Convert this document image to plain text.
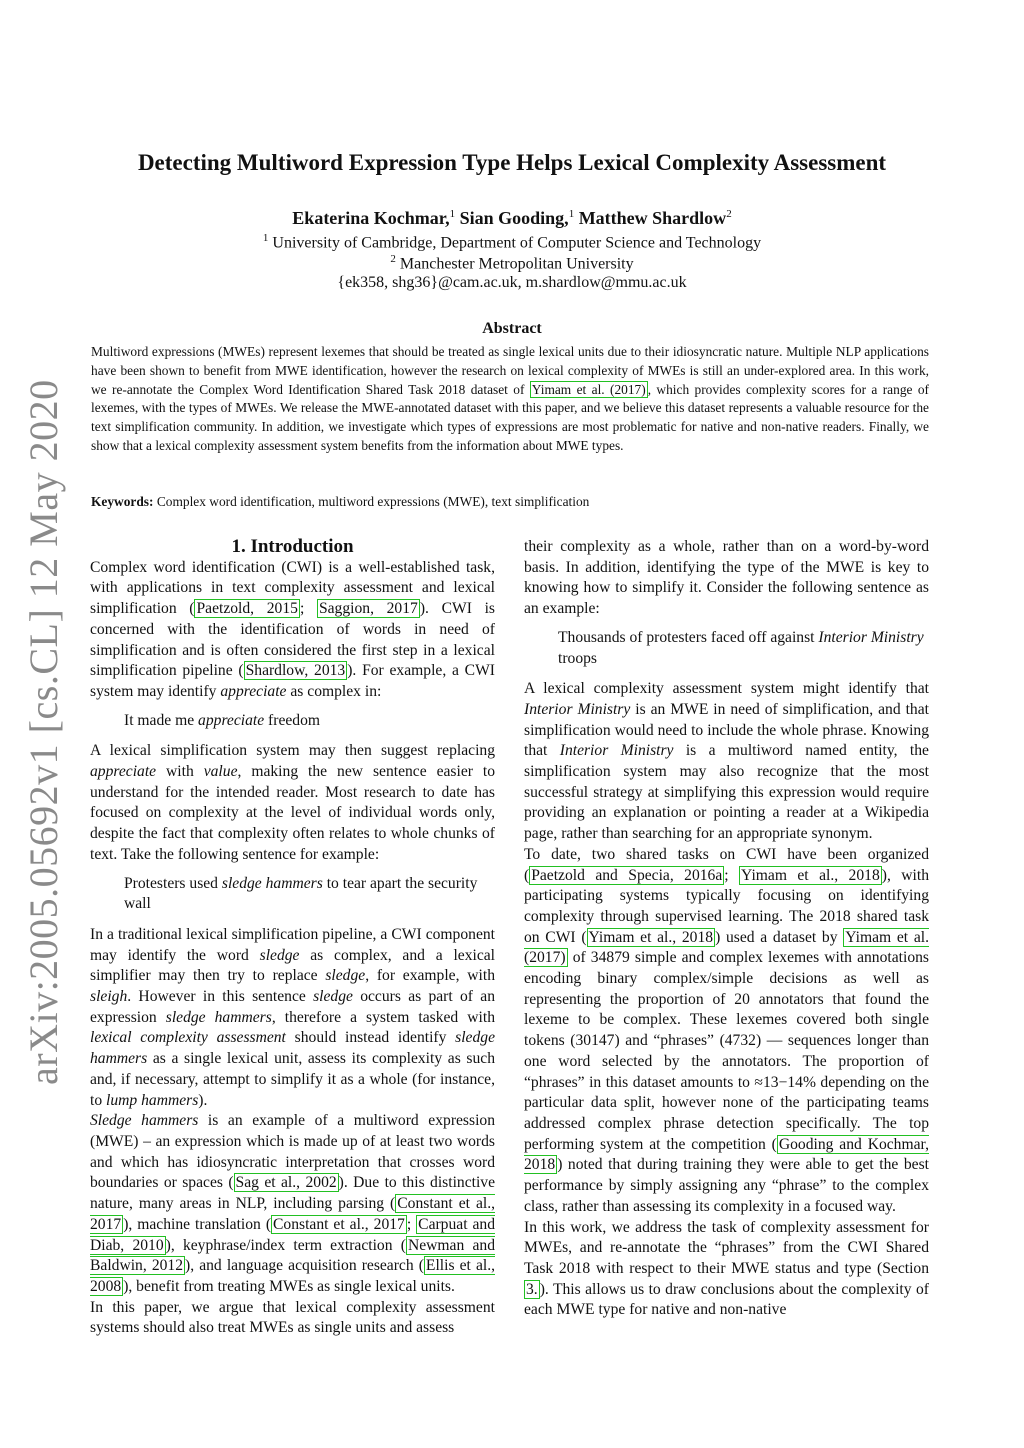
arXiv:2005.05692v1 [cs.CL] 12 May 2020
Detecting Multiword Expression Type Helps Lexical Complexity Assessment
Ekaterina Kochmar,$^1$ Sian Gooding,$^1$ Matthew Shardlow$^2$
$^1$ University of Cambridge, Department of Computer Science and Technology
$^2$ Manchester Metropolitan University
{ek358, shg36}@cam.ac.uk, m.shardlow@mmu.ac.uk
Abstract
Multiword expressions (MWEs) represent lexemes that should be treated as single lexical units due to their idiosyncratic nature. Multiple NLP applications have been shown to benefit from MWE identification, however the research on lexical complexity of MWEs is still an under-explored area. In this work, we re-annotate the Complex Word Identification Shared Task 2018 dataset of Yimam et al. (2017) , which provides complexity scores for a range of lexemes, with the types of MWEs. We release the MWE-annotated dataset with this paper, and we believe this dataset represents a valuable resource for the text simplification community. In addition, we investigate which types of expressions are most problematic for native and non-native readers. Finally, we show that a lexical complexity assessment system benefits from the information about MWE types.
Keywords: Complex word identification, multiword expressions (MWE), text simplification

1. Introduction

Complex word identification (CWI) is a well-established task, with applications in text complexity assessment and lexical simplification ( Paetzold, 2015 ; Saggion, 2017 ). CWI is concerned with the identification of words in need of simplification and is often considered the first step in a lexical simplification pipeline ( Shardlow, 2013 ). For example, a CWI system may identify appreciate as complex in:

It made me appreciate freedom

A lexical simplification system may then suggest replacing appreciate with value, making the new sentence easier to understand for the intended reader. Most research to date has focused on complexity at the level of individual words only, despite the fact that complexity often relates to whole chunks of text. Take the following sentence for example:

Protesters used sledge hammers to tear apart the security wall

In a traditional lexical simplification pipeline, a CWI component may identify the word sledge as complex, and a lexical simplifier may then try to replace sledge, for example, with sleigh. However in this sentence sledge occurs as part of an expression sledge hammers, therefore a system tasked with lexical complexity assessment should instead identify sledge hammers as a single lexical unit, assess its complexity as such and, if necessary, attempt to simplify it as a whole (for instance, to lump hammers).

Sledge hammers is an example of a multiword expression (MWE) – an expression which is made up of at least two words and which has idiosyncratic interpretation that crosses word boundaries or spaces ( Sag et al., 2002 ). Due to this distinctive nature, many areas in NLP, including parsing ( Constant et al., 2017 ), machine translation ( Constant et al., 2017 ; Carpuat and Diab, 2010 ), keyphrase/index term extraction ( Newman and Baldwin, 2012 ), and language acquisition research ( Ellis et al., 2008 ), benefit from treating MWEs as single lexical units.

In this paper, we argue that lexical complexity assessment systems should also treat MWEs as single units and assess

their complexity as a whole, rather than on a word-by-word basis. In addition, identifying the type of the MWE is key to knowing how to simplify it. Consider the following sentence as an example:

Thousands of protesters faced off against Interior Ministry troops

A lexical complexity assessment system might identify that Interior Ministry is an MWE in need of simplification, and that simplification would need to include the whole phrase. Knowing that Interior Ministry is a multiword named entity, the simplification system may also recognize that the most successful strategy at simplifying this expression would require providing an explanation or pointing a reader at a Wikipedia page, rather than searching for an appropriate synonym.

To date, two shared tasks on CWI have been organized ( Paetzold and Specia, 2016a ; Yimam et al., 2018 ), with participating systems typically focusing on identifying complexity through supervised learning. The 2018 shared task on CWI ( Yimam et al., 2018 ) used a dataset by Yimam et al. (2017) of 34879 simple and complex lexemes with annotations encoding binary complex/simple decisions as well as representing the proportion of 20 annotators that found the lexeme to be complex. These lexemes covered both single tokens (30147) and “phrases” (4732) — sequences longer than one word selected by the annotators. The proportion of “phrases” in this dataset amounts to ≈13−14% depending on the particular data split, however none of the participating teams addressed complex phrase detection specifically. The top performing system at the competition ( Gooding and Kochmar, 2018 ) noted that during training they were able to get the best performance by simply assigning any “phrase” to the complex class, rather than assessing its complexity in a focused way.

In this work, we address the task of complexity assessment for MWEs, and re-annotate the “phrases” from the CWI Shared Task 2018 with respect to their MWE status and type (Section 3. ). This allows us to draw conclusions about the complexity of each MWE type for native and non-native
